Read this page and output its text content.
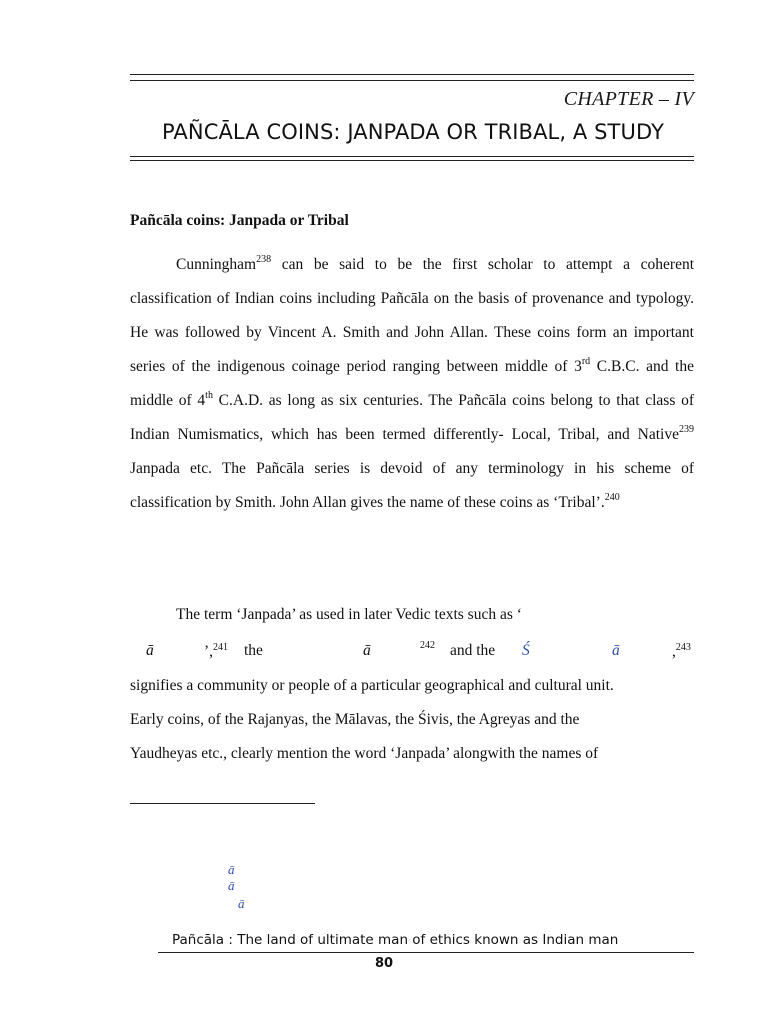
CHAPTER – IV
PAÑCĀLA COINS: JANPADA OR TRIBAL, A STUDY
Pañcāla coins: Janpada or Tribal
Cunningham$^{238}$ can be said to be the first scholar to attempt a coherent classification of Indian coins including Pañcāla on the basis of provenance and typology. He was followed by Vincent A. Smith and John Allan. These coins form an important series of the indigenous coinage period ranging between middle of 3rd C.B.C. and the middle of 4th C.A.D. as long as six centuries. The Pañcāla coins belong to that class of Indian Numismatics, which has been termed differently- Local, Tribal, and Native$^{239}$ Janpada etc. The Pañcāla series is devoid of any terminology in his scheme of classification by Smith. John Allan gives the name of these coins as ‘Tribal’.$^{240}$
The term ‘Janpada’ as used in later Vedic texts such as ‘
ā	’,$^{241}$ the	ā	242 and the Ś	ā	,$^{243}$
signifies a community or people of a particular geographical and cultural unit.
Early coins, of the Rajanyas, the Mālavas, the Śivis, the Agreyas and the
Yaudheyas etc., clearly mention the word ‘Janpada’ alongwith the names of
ā
ā
ā
Pañcāla : The land of ultimate man of ethics known as Indian man
80
